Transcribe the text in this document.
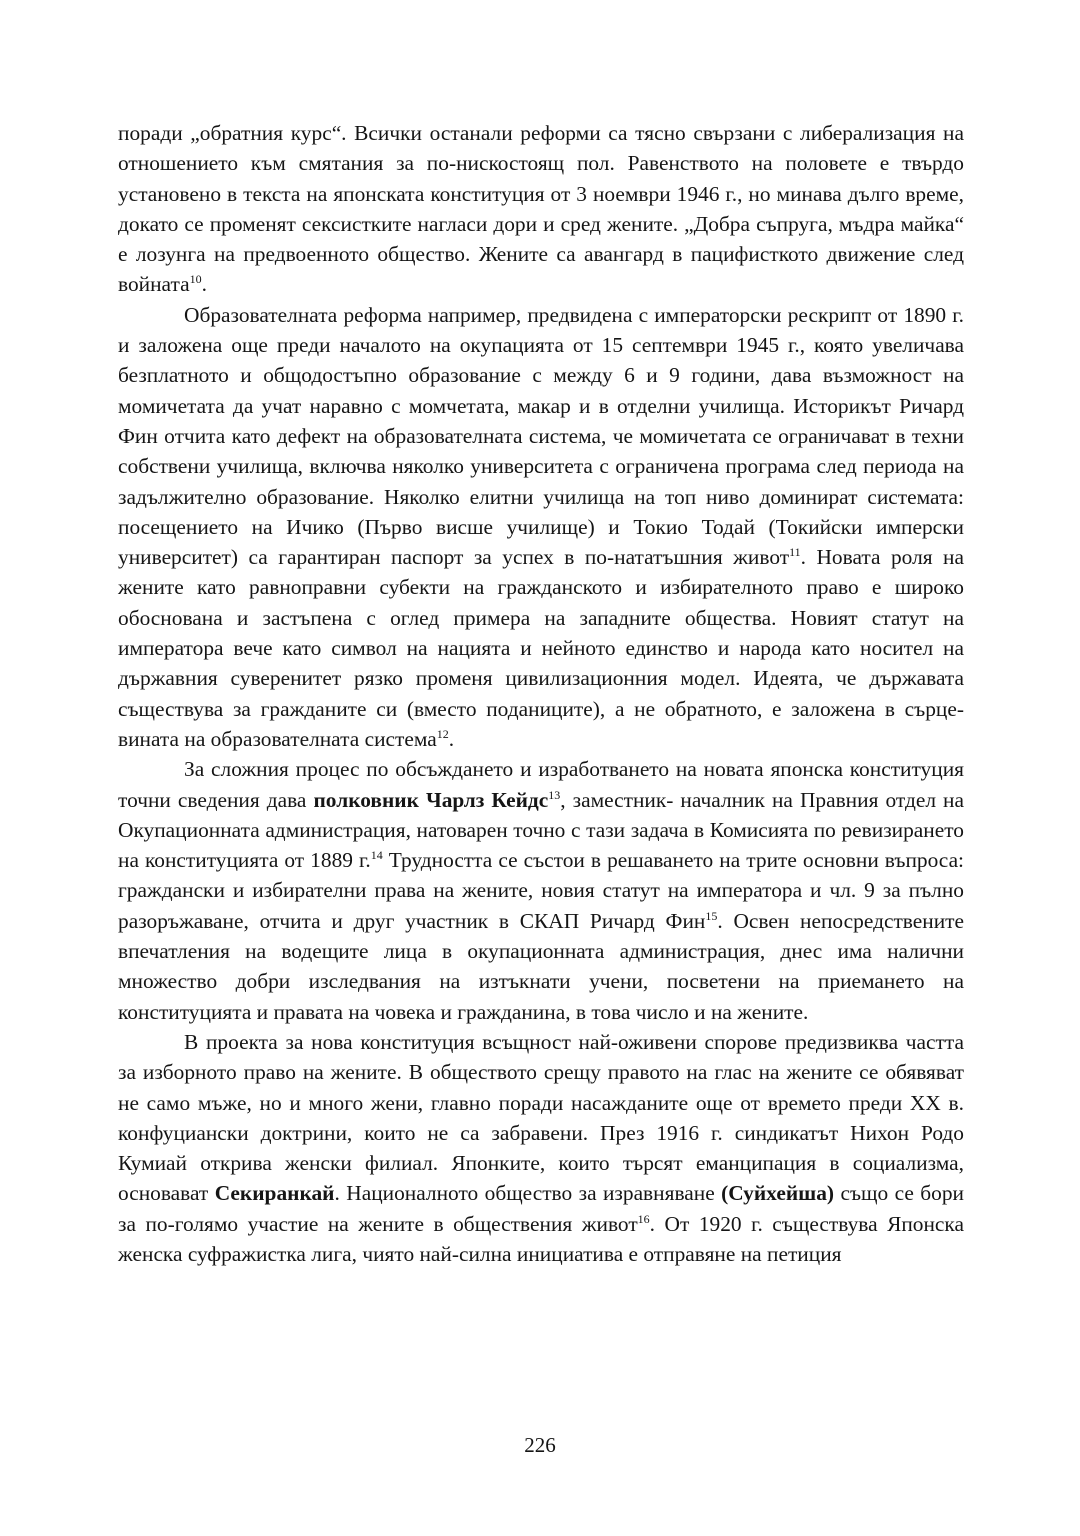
поради „обратния курс“. Всички останали реформи са тясно свързани с либерализация на отношението към смятания за по-нискостоящ пол. Равенството на половете е твърдо установено в текста на японската конституция от 3 ноември 1946 г., но минава дълго време, докато се променят сексистките нагласи дори и сред жените. „Добра съпруга, мъдра майка“ е лозунга на предвоенното общество. Жените са авангард в пацифисткото движение след войната$^{10}$.

Образователната реформа например, предвидена с императорски рескрипт от 1890 г. и заложена още преди началото на окупацията от 15 септември 1945 г., която увеличава безплатното и общодостъпно образование с между 6 и 9 години, дава възможност на момичетата да учат наравно с момчетата, макар и в отделни училища. Историкът Ричард Фин отчита като дефект на образователната система, че момичетата се ограничават в техни собствени училища, включва няколко университета с ограничена програма след периода на задължително образование. Няколко елитни училища на топ ниво доминират системата: посещението на Ичико (Първо висше училище) и Токио Тодай (Токийски имперски университет) са гарантиран паспорт за успех в по-нататъшния живот$^{11}$. Новата роля на жените като равноправни субекти на гражданското и избирателното право е широко обоснована и застъпена с оглед примера на западните общества. Новият статут на императора вече като символ на нацията и нейното единство и народа като носител на държавния суверенитет рязко променя цивилизационния модел. Идеята, че държавата съществува за гражданите си (вместо поданиците), а не обратното, е заложена в сърцевината на образователната система$^{12}$.

За сложния процес по обсъждането и изработването на новата японска конституция точни сведения дава полковник Чарлз Кейдс$^{13}$, заместник- началник на Правния отдел на Окупационната администрация, натоварен точно с тази задача в Комисията по ревизирането на конституцията от 1889 г.$^{14}$ Трудността се състои в решаването на трите основни въпроса: граждански и избирателни права на жените, новия статут на императора и чл. 9 за пълно разоръжаване, отчита и друг участник в СКАП Ричард Фин$^{15}$. Освен непосредствените впечатления на водещите лица в окупационната администрация, днес има налични множество добри изследвания на изтъкнати учени, посветени на приемането на конституцията и правата на човека и гражданина, в това число и на жените.

В проекта за нова конституция всъщност най-оживени спорове предизвиква частта за изборното право на жените. В обществото срещу правото на глас на жените се обявяват не само мъже, но и много жени, главно поради насажданите още от времето преди XX в. конфуциански доктрини, които не са забравени. През 1916 г. синдикатът Нихон Родо Кумиай открива женски филиал. Японките, които търсят еманципация в социализма, основават Секиранкай. Националното общество за изравняване (Суйхейша) също се бори за по-голямо участие на жените в обществения живот$^{16}$. От 1920 г. съществува Японска женска суфражистка лига, чиято най-силна инициатива е отправяне на петиция

226
